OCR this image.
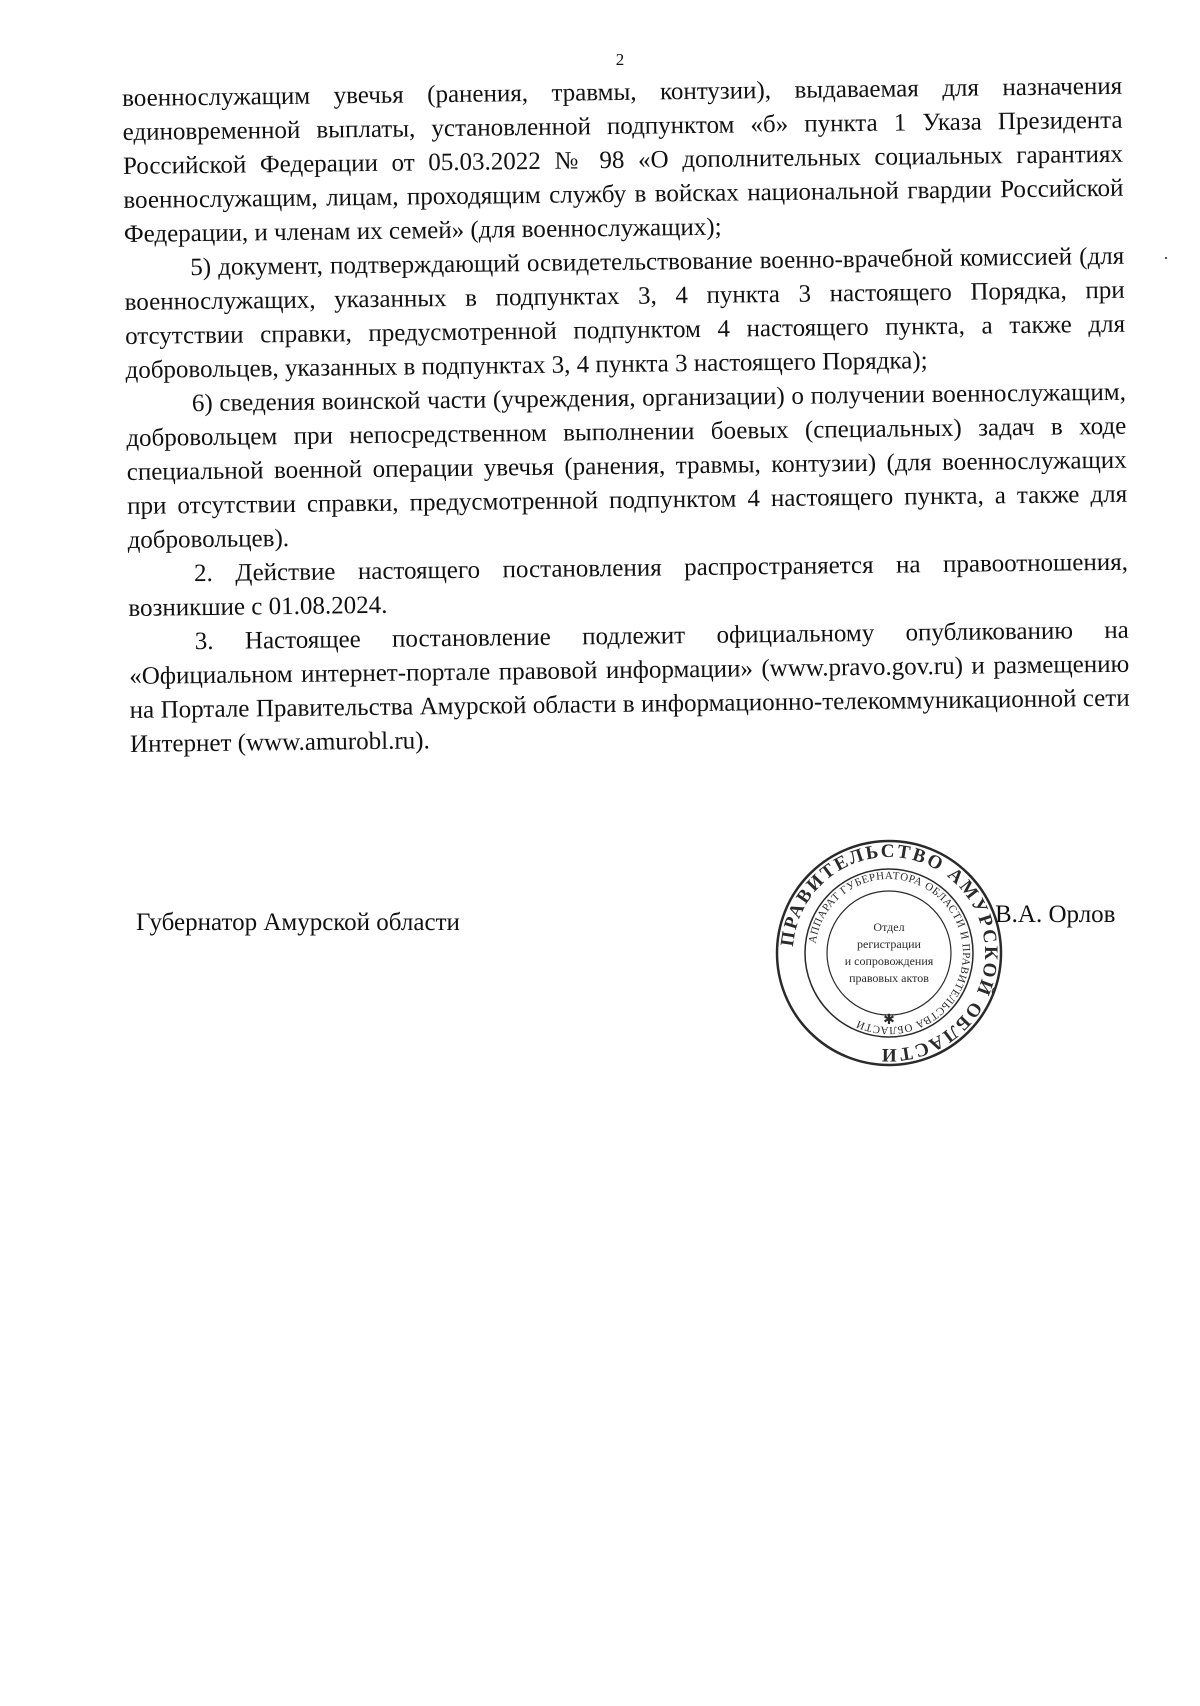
2

военнослужащим увечья (ранения, травмы, контузии), выдаваемая для назначения единовременной выплаты, установленной подпунктом «б» пункта 1 Указа Президента Российской Федерации от 05.03.2022 № 98 «О дополнительных социальных гарантиях военнослужащим, лицам, проходящим службу в войсках национальной гвардии Российской Федерации, и членам их семей» (для военнослужащих);

5) документ, подтверждающий освидетельствование военно-врачебной комиссией (для военнослужащих, указанных в подпунктах 3, 4 пункта 3 настоящего Порядка, при отсутствии справки, предусмотренной подпунктом 4 настоящего пункта, а также для добровольцев, указанных в подпунктах 3, 4 пункта 3 настоящего Порядка);

6) сведения воинской части (учреждения, организации) о получении военнослужащим, добровольцем при непосредственном выполнении боевых (специальных) задач в ходе специальной военной операции увечья (ранения, травмы, контузии) (для военнослужащих при отсутствии справки, предусмотренной подпунктом 4 настоящего пункта, а также для добровольцев).

2. Действие настоящего постановления распространяется на правоотношения, возникшие с 01.08.2024.

3. Настоящее постановление подлежит официальному опубликованию на «Официальном интернет-портале правовой информации» (www.pravo.gov.ru) и размещению на Портале Правительства Амурской области в информационно-телекоммуникационной сети Интернет (www.amurobl.ru).

Губернатор Амурской области
ПРАВИТЕЛЬСТВО АМУРСКОЙ ОБЛАСТИ
АППАРАТ ГУБЕРНАТОРА ОБЛАСТИ И ПРАВИТЕЛЬСТВА ОБЛАСТИ
Отдел
регистрации
и сопровождения
правовых актов
✱
В.А. Орлов
